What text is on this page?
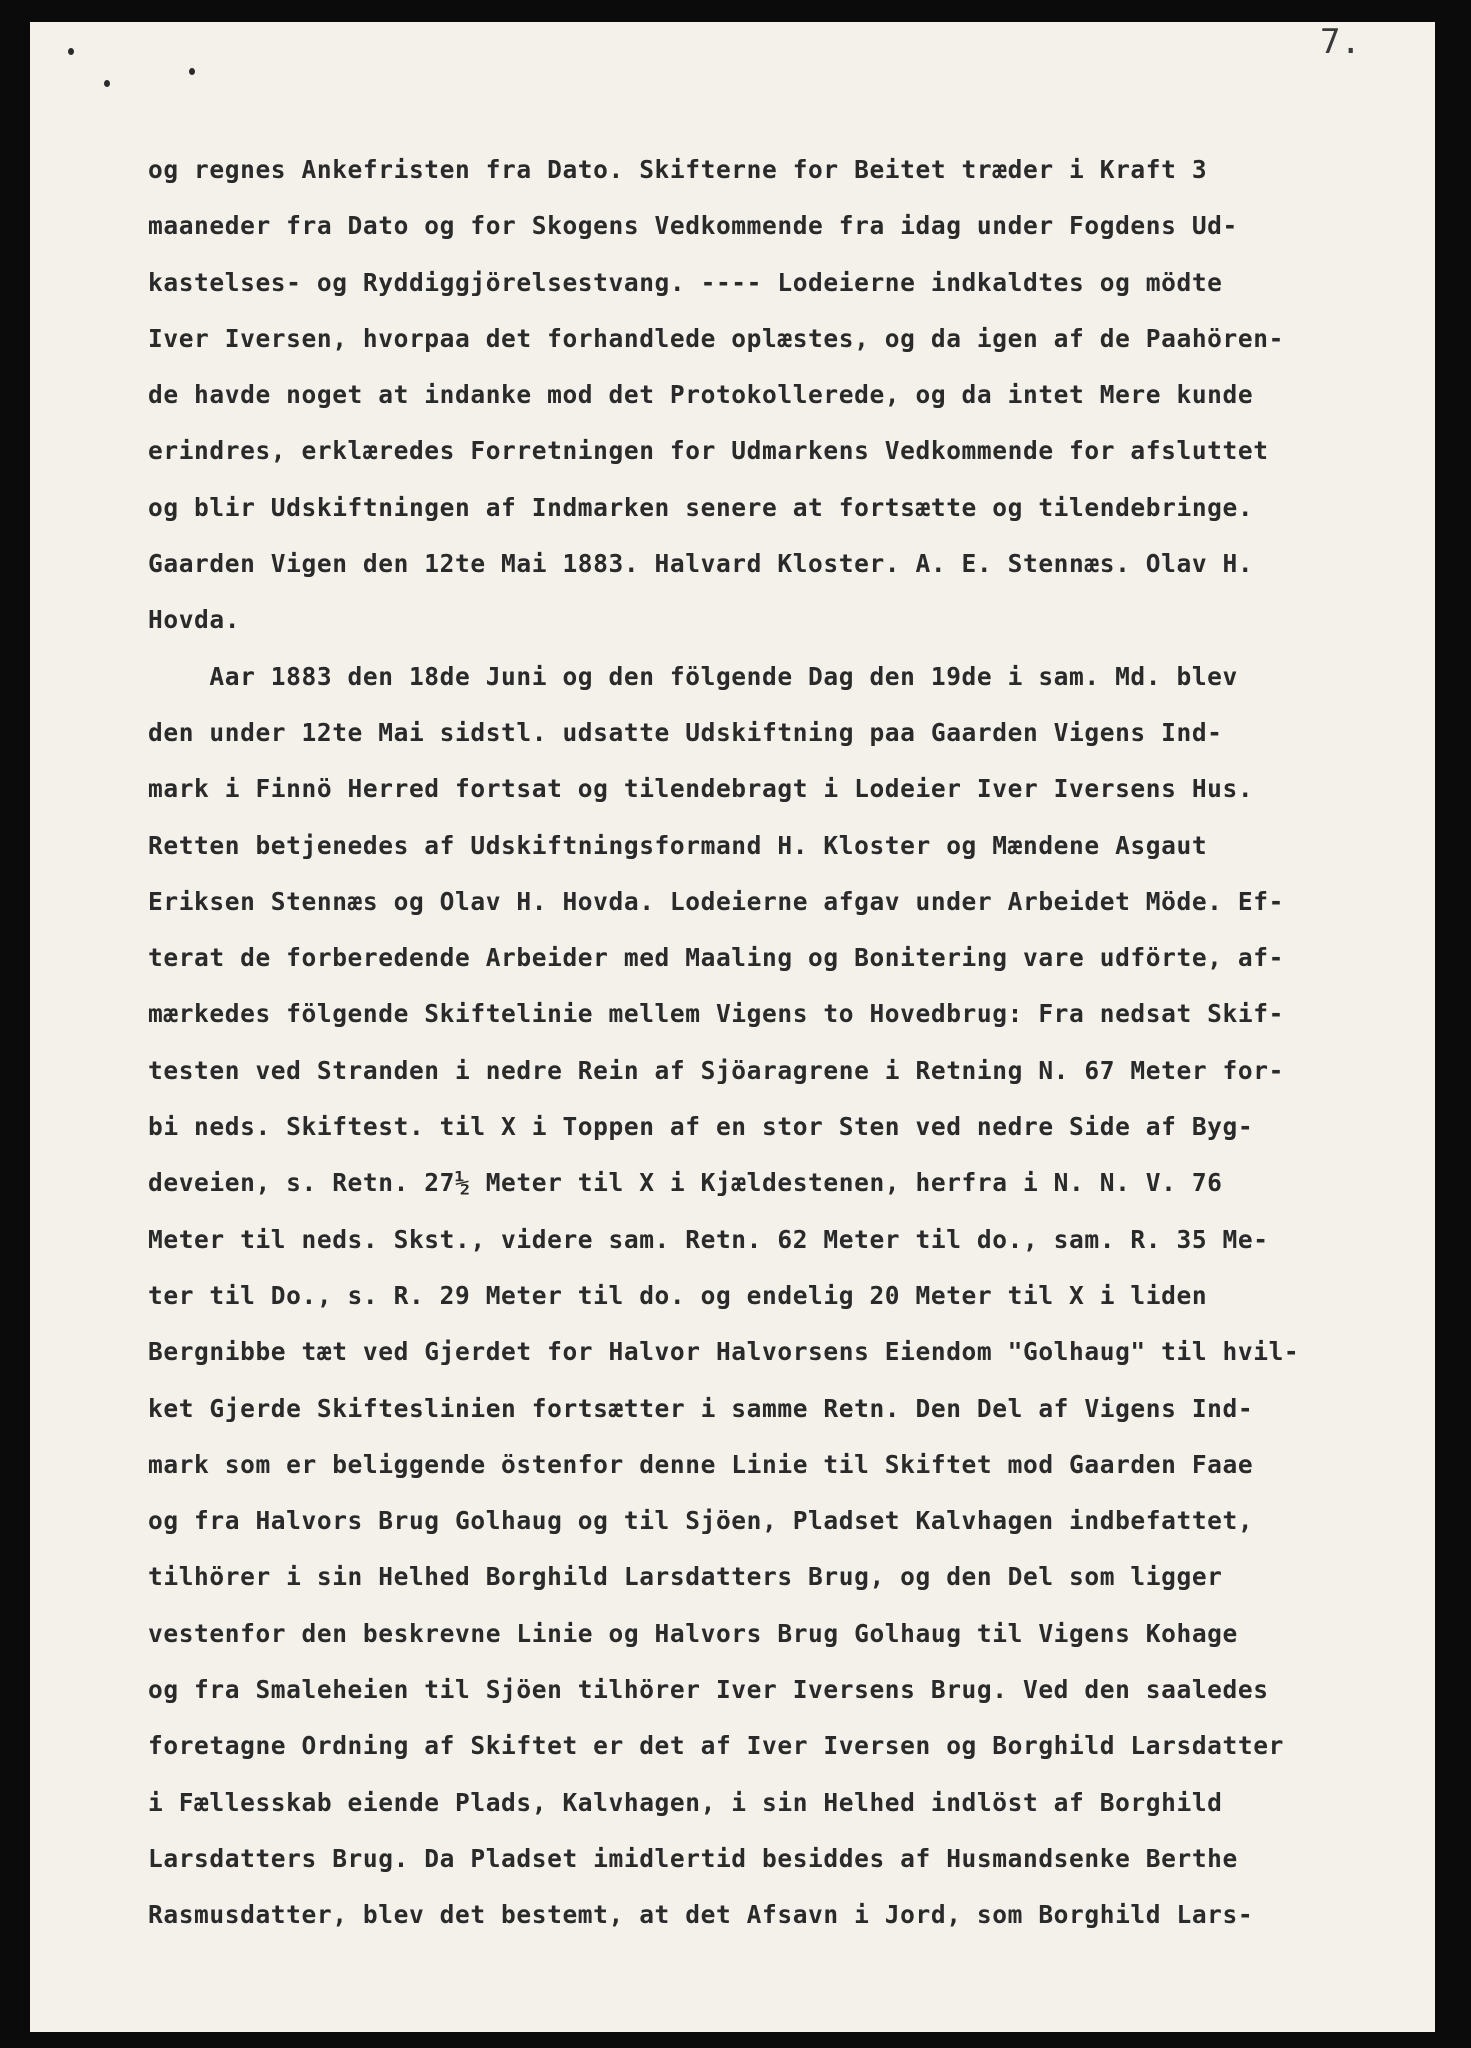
7.
og regnes Ankefristen fra Dato. Skifterne for Beitet træder i Kraft 3
maaneder fra Dato og for Skogens Vedkommende fra idag under Fogdens Ud-
kastelses- og Ryddiggjörelsestvang. ---- Lodeierne indkaldtes og mödte
Iver Iversen, hvorpaa det forhandlede oplæstes, og da igen af de Paahören-
de havde noget at indanke mod det Protokollerede, og da intet Mere kunde
erindres, erklæredes Forretningen for Udmarkens Vedkommende for afsluttet
og blir Udskiftningen af Indmarken senere at fortsætte og tilendebringe.
Gaarden Vigen den 12te Mai 1883. Halvard Kloster. A. E. Stennæs. Olav H.
Hovda.
Aar 1883 den 18de Juni og den fölgende Dag den 19de i sam. Md. blev
den under 12te Mai sidstl. udsatte Udskiftning paa Gaarden Vigens Ind-
mark i Finnö Herred fortsat og tilendebragt i Lodeier Iver Iversens Hus.
Retten betjenedes af Udskiftningsformand H. Kloster og Mændene Asgaut
Eriksen Stennæs og Olav H. Hovda. Lodeierne afgav under Arbeidet Möde. Ef-
terat de forberedende Arbeider med Maaling og Bonitering vare udförte, af-
mærkedes fölgende Skiftelinie mellem Vigens to Hovedbrug: Fra nedsat Skif-
testen ved Stranden i nedre Rein af Sjöaragrene i Retning N. 67 Meter for-
bi neds. Skiftest. til X i Toppen af en stor Sten ved nedre Side af Byg-
deveien, s. Retn. 27½ Meter til X i Kjældestenen, herfra i N. N. V. 76
Meter til neds. Skst., videre sam. Retn. 62 Meter til do., sam. R. 35 Me-
ter til Do., s. R. 29 Meter til do. og endelig 20 Meter til X i liden
Bergnibbe tæt ved Gjerdet for Halvor Halvorsens Eiendom "Golhaug" til hvil-
ket Gjerde Skifteslinien fortsætter i samme Retn. Den Del af Vigens Ind-
mark som er beliggende östenfor denne Linie til Skiftet mod Gaarden Faae
og fra Halvors Brug Golhaug og til Sjöen, Pladset Kalvhagen indbefattet,
tilhörer i sin Helhed Borghild Larsdatters Brug, og den Del som ligger
vestenfor den beskrevne Linie og Halvors Brug Golhaug til Vigens Kohage
og fra Smaleheien til Sjöen tilhörer Iver Iversens Brug. Ved den saaledes
foretagne Ordning af Skiftet er det af Iver Iversen og Borghild Larsdatter
i Fællesskab eiende Plads, Kalvhagen, i sin Helhed indlöst af Borghild
Larsdatters Brug. Da Pladset imidlertid besiddes af Husmandsenke Berthe
Rasmusdatter, blev det bestemt, at det Afsavn i Jord, som Borghild Lars-
